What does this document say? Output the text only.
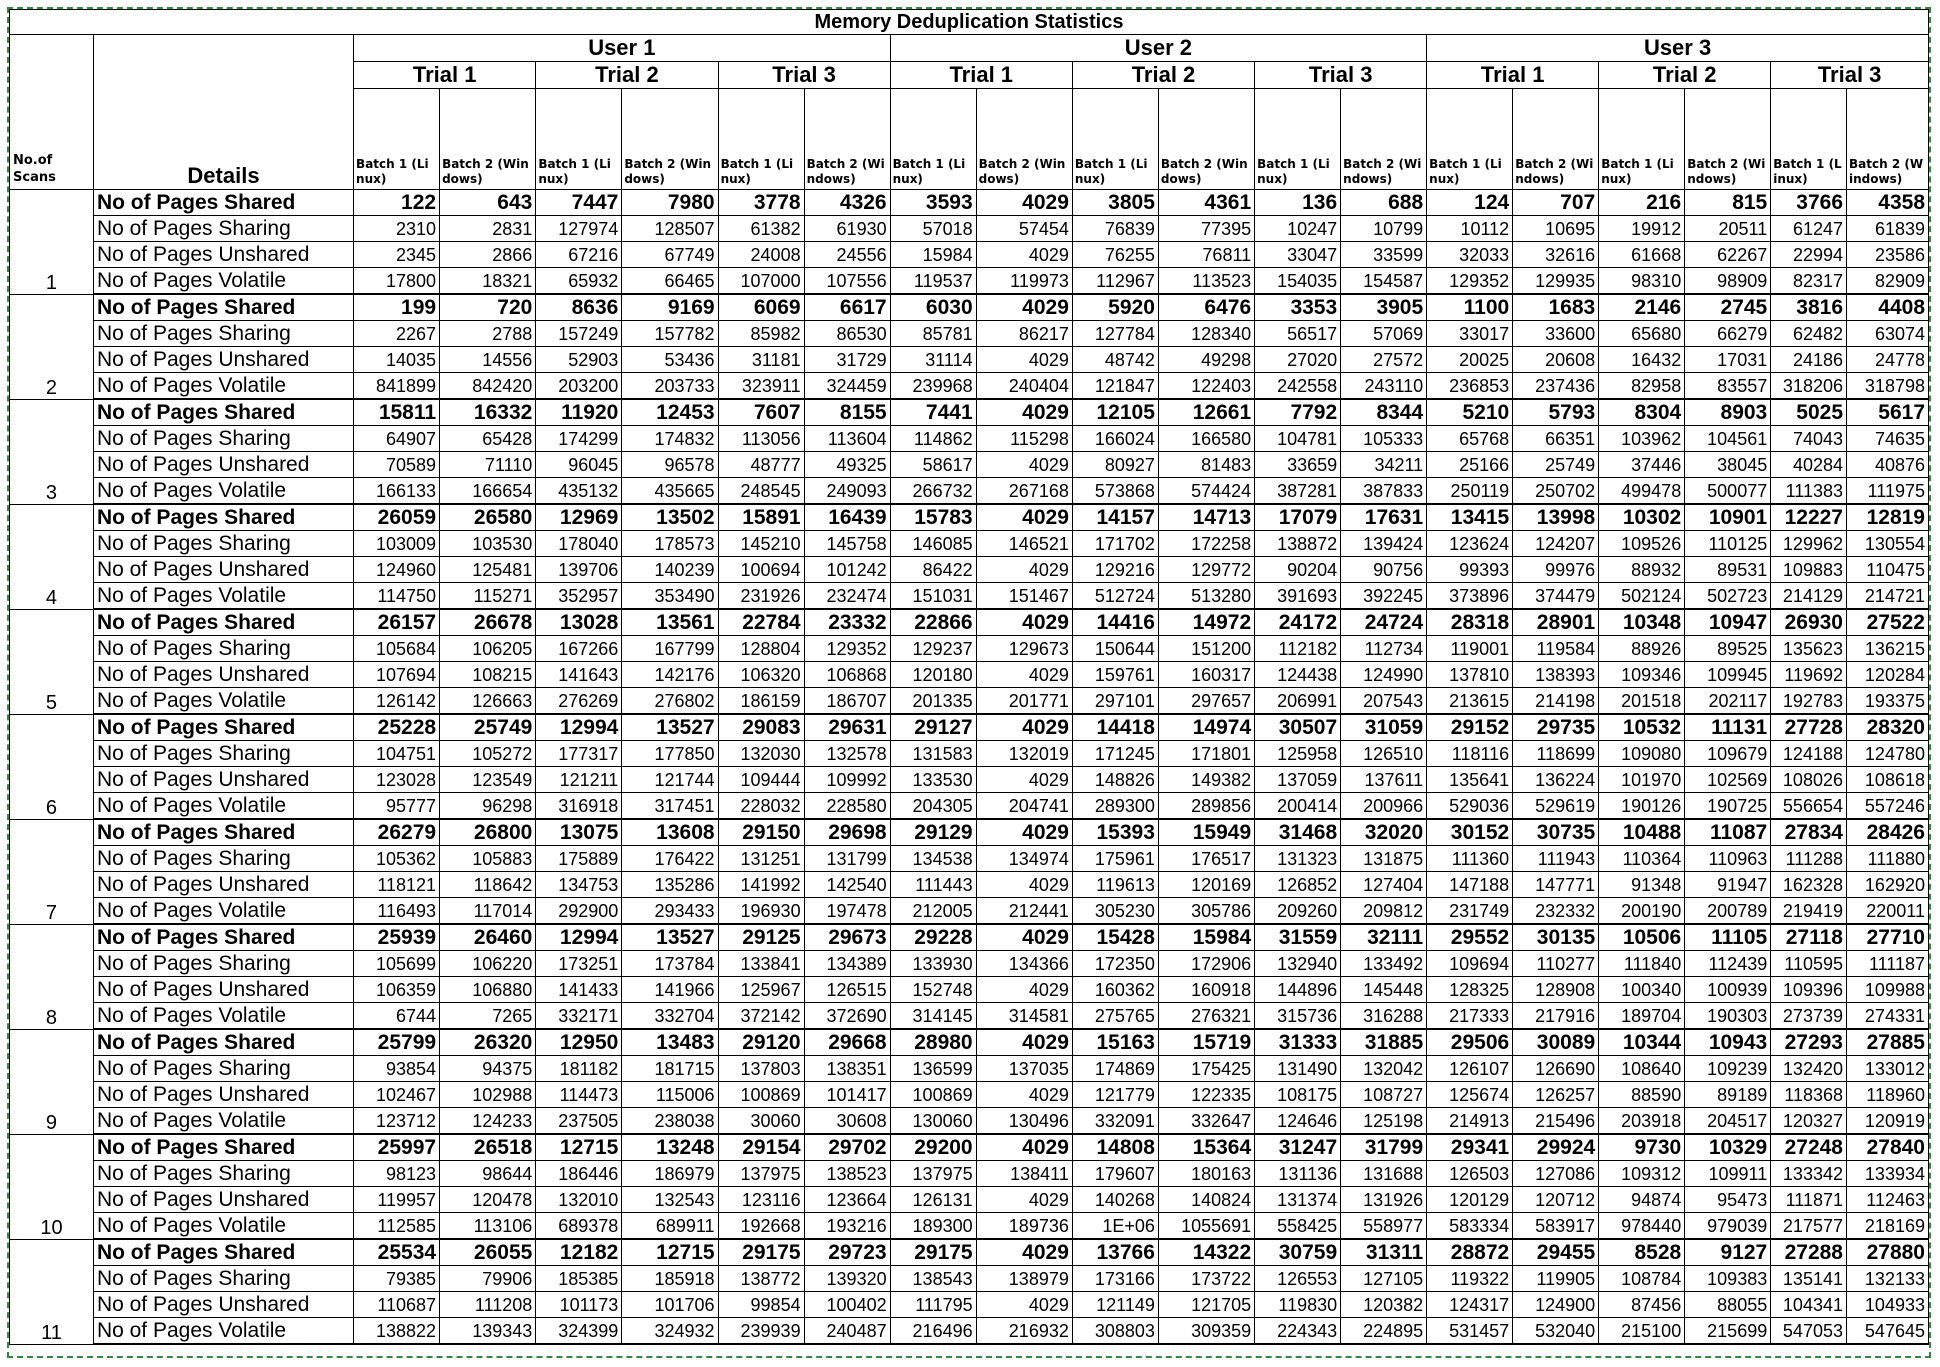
Memory Deduplication Statistics																			
No.of Scans	Details	User 1						User 2						User 3					
		Trial 1		Trial 2		Trial 3		Trial 1		Trial 2		Trial 3		Trial 1		Trial 2		Trial 3	
		Batch 1 (Linux)	Batch 2 (Windows)	Batch 1 (Linux)	Batch 2 (Windows)	Batch 1 (Linux)	Batch 2 (Windows)	Batch 1 (Linux)	Batch 2 (Windows)	Batch 1 (Linux)	Batch 2 (Windows)	Batch 1 (Linux)	Batch 2 (Windows)	Batch 1 (Linux)	Batch 2 (Windows)	Batch 1 (Linux)	Batch 2 (Windows)	Batch 1 (Linux)	Batch 2 (Windows)
1	No of Pages Shared	122	643	7447	7980	3778	4326	3593	4029	3805	4361	136	688	124	707	216	815	3766	4358
	No of Pages Sharing	2310	2831	127974	128507	61382	61930	57018	57454	76839	77395	10247	10799	10112	10695	19912	20511	61247	61839
	No of Pages Unshared	2345	2866	67216	67749	24008	24556	15984	4029	76255	76811	33047	33599	32033	32616	61668	62267	22994	23586
	No of Pages Volatile	17800	18321	65932	66465	107000	107556	119537	119973	112967	113523	154035	154587	129352	129935	98310	98909	82317	82909
2	No of Pages Shared	199	720	8636	9169	6069	6617	6030	4029	5920	6476	3353	3905	1100	1683	2146	2745	3816	4408
	No of Pages Sharing	2267	2788	157249	157782	85982	86530	85781	86217	127784	128340	56517	57069	33017	33600	65680	66279	62482	63074
	No of Pages Unshared	14035	14556	52903	53436	31181	31729	31114	4029	48742	49298	27020	27572	20025	20608	16432	17031	24186	24778
	No of Pages Volatile	841899	842420	203200	203733	323911	324459	239968	240404	121847	122403	242558	243110	236853	237436	82958	83557	318206	318798
3	No of Pages Shared	15811	16332	11920	12453	7607	8155	7441	4029	12105	12661	7792	8344	5210	5793	8304	8903	5025	5617
	No of Pages Sharing	64907	65428	174299	174832	113056	113604	114862	115298	166024	166580	104781	105333	65768	66351	103962	104561	74043	74635
	No of Pages Unshared	70589	71110	96045	96578	48777	49325	58617	4029	80927	81483	33659	34211	25166	25749	37446	38045	40284	40876
	No of Pages Volatile	166133	166654	435132	435665	248545	249093	266732	267168	573868	574424	387281	387833	250119	250702	499478	500077	111383	111975
4	No of Pages Shared	26059	26580	12969	13502	15891	16439	15783	4029	14157	14713	17079	17631	13415	13998	10302	10901	12227	12819
	No of Pages Sharing	103009	103530	178040	178573	145210	145758	146085	146521	171702	172258	138872	139424	123624	124207	109526	110125	129962	130554
	No of Pages Unshared	124960	125481	139706	140239	100694	101242	86422	4029	129216	129772	90204	90756	99393	99976	88932	89531	109883	110475
	No of Pages Volatile	114750	115271	352957	353490	231926	232474	151031	151467	512724	513280	391693	392245	373896	374479	502124	502723	214129	214721
5	No of Pages Shared	26157	26678	13028	13561	22784	23332	22866	4029	14416	14972	24172	24724	28318	28901	10348	10947	26930	27522
	No of Pages Sharing	105684	106205	167266	167799	128804	129352	129237	129673	150644	151200	112182	112734	119001	119584	88926	89525	135623	136215
	No of Pages Unshared	107694	108215	141643	142176	106320	106868	120180	4029	159761	160317	124438	124990	137810	138393	109346	109945	119692	120284
	No of Pages Volatile	126142	126663	276269	276802	186159	186707	201335	201771	297101	297657	206991	207543	213615	214198	201518	202117	192783	193375
6	No of Pages Shared	25228	25749	12994	13527	29083	29631	29127	4029	14418	14974	30507	31059	29152	29735	10532	11131	27728	28320
	No of Pages Sharing	104751	105272	177317	177850	132030	132578	131583	132019	171245	171801	125958	126510	118116	118699	109080	109679	124188	124780
	No of Pages Unshared	123028	123549	121211	121744	109444	109992	133530	4029	148826	149382	137059	137611	135641	136224	101970	102569	108026	108618
	No of Pages Volatile	95777	96298	316918	317451	228032	228580	204305	204741	289300	289856	200414	200966	529036	529619	190126	190725	556654	557246
7	No of Pages Shared	26279	26800	13075	13608	29150	29698	29129	4029	15393	15949	31468	32020	30152	30735	10488	11087	27834	28426
	No of Pages Sharing	105362	105883	175889	176422	131251	131799	134538	134974	175961	176517	131323	131875	111360	111943	110364	110963	111288	111880
	No of Pages Unshared	118121	118642	134753	135286	141992	142540	111443	4029	119613	120169	126852	127404	147188	147771	91348	91947	162328	162920
	No of Pages Volatile	116493	117014	292900	293433	196930	197478	212005	212441	305230	305786	209260	209812	231749	232332	200190	200789	219419	220011
8	No of Pages Shared	25939	26460	12994	13527	29125	29673	29228	4029	15428	15984	31559	32111	29552	30135	10506	11105	27118	27710
	No of Pages Sharing	105699	106220	173251	173784	133841	134389	133930	134366	172350	172906	132940	133492	109694	110277	111840	112439	110595	111187
	No of Pages Unshared	106359	106880	141433	141966	125967	126515	152748	4029	160362	160918	144896	145448	128325	128908	100340	100939	109396	109988
	No of Pages Volatile	6744	7265	332171	332704	372142	372690	314145	314581	275765	276321	315736	316288	217333	217916	189704	190303	273739	274331
9	No of Pages Shared	25799	26320	12950	13483	29120	29668	28980	4029	15163	15719	31333	31885	29506	30089	10344	10943	27293	27885
	No of Pages Sharing	93854	94375	181182	181715	137803	138351	136599	137035	174869	175425	131490	132042	126107	126690	108640	109239	132420	133012
	No of Pages Unshared	102467	102988	114473	115006	100869	101417	100869	4029	121779	122335	108175	108727	125674	126257	88590	89189	118368	118960
	No of Pages Volatile	123712	124233	237505	238038	30060	30608	130060	130496	332091	332647	124646	125198	214913	215496	203918	204517	120327	120919
10	No of Pages Shared	25997	26518	12715	13248	29154	29702	29200	4029	14808	15364	31247	31799	29341	29924	9730	10329	27248	27840
	No of Pages Sharing	98123	98644	186446	186979	137975	138523	137975	138411	179607	180163	131136	131688	126503	127086	109312	109911	133342	133934
	No of Pages Unshared	119957	120478	132010	132543	123116	123664	126131	4029	140268	140824	131374	131926	120129	120712	94874	95473	111871	112463
	No of Pages Volatile	112585	113106	689378	689911	192668	193216	189300	189736	1E+06	1055691	558425	558977	583334	583917	978440	979039	217577	218169
11	No of Pages Shared	25534	26055	12182	12715	29175	29723	29175	4029	13766	14322	30759	31311	28872	29455	8528	9127	27288	27880
	No of Pages Sharing	79385	79906	185385	185918	138772	139320	138543	138979	173166	173722	126553	127105	119322	119905	108784	109383	135141	132133
	No of Pages Unshared	110687	111208	101173	101706	99854	100402	111795	4029	121149	121705	119830	120382	124317	124900	87456	88055	104341	104933
	No of Pages Volatile	138822	139343	324399	324932	239939	240487	216496	216932	308803	309359	224343	224895	531457	532040	215100	215699	547053	547645
